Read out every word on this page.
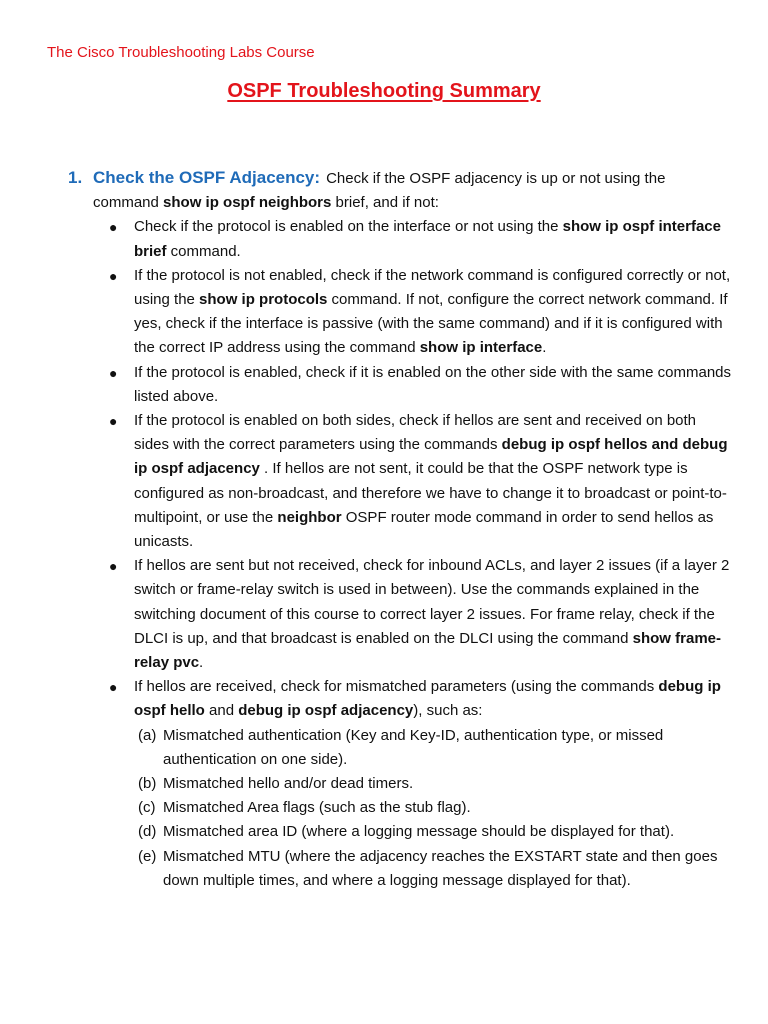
The Cisco Troubleshooting Labs Course
OSPF Troubleshooting Summary
1. Check the OSPF Adjacency: Check if the OSPF adjacency is up or not using the command show ip ospf neighbors brief, and if not:
● Check if the protocol is enabled on the interface or not using the show ip ospf interface brief command.
● If the protocol is not enabled, check if the network command is configured correctly or not, using the show ip protocols command. If not, configure the correct network command. If yes, check if the interface is passive (with the same command) and if it is configured with the correct IP address using the command show ip interface.
● If the protocol is enabled, check if it is enabled on the other side with the same commands listed above.
● If the protocol is enabled on both sides, check if hellos are sent and received on both sides with the correct parameters using the commands debug ip ospf hellos and debug ip ospf adjacency . If hellos are not sent, it could be that the OSPF network type is configured as non-broadcast, and therefore we have to change it to broadcast or point-to-multipoint, or use the neighbor OSPF router mode command in order to send hellos as unicasts.
● If hellos are sent but not received, check for inbound ACLs, and layer 2 issues (if a layer 2 switch or frame-relay switch is used in between). Use the commands explained in the switching document of this course to correct layer 2 issues. For frame relay, check if the DLCI is up, and that broadcast is enabled on the DLCI using the command show frame-relay pvc.
● If hellos are received, check for mismatched parameters (using the commands debug ip ospf hello and debug ip ospf adjacency), such as:
(a) Mismatched authentication (Key and Key-ID, authentication type, or missed authentication on one side).
(b) Mismatched hello and/or dead timers.
(c) Mismatched Area flags (such as the stub flag).
(d) Mismatched area ID (where a logging message should be displayed for that).
(e) Mismatched MTU (where the adjacency reaches the EXSTART state and then goes down multiple times, and where a logging message displayed for that).
